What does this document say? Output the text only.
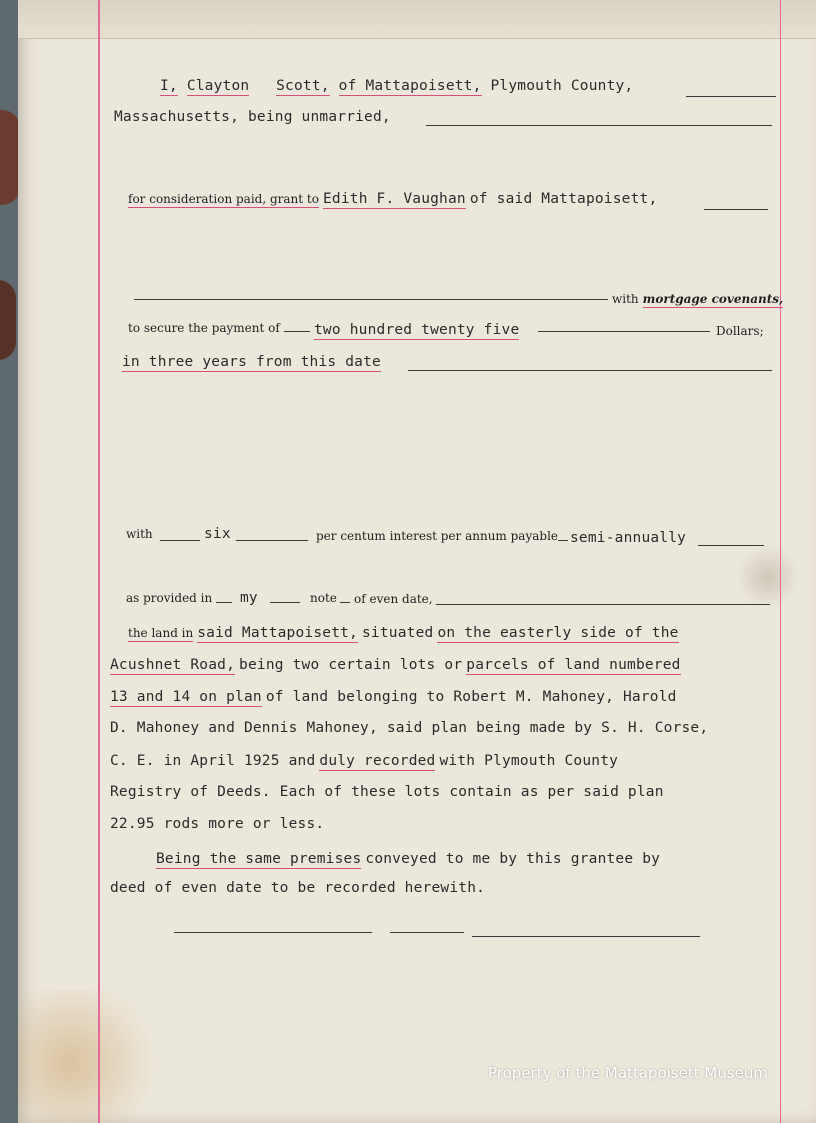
I, Clayton Scott, of Mattapoisett, Plymouth County,
Massachusetts, being unmarried,
for consideration paid, grant to Edith F. Vaughan of said Mattapoisett,
with mortgage covenants,
to secure the payment of two hundred twenty five	Dollars;
in three years from this date
with	six	per centum interest per annum payable semi-annually
as provided in my	note of even date,
the land in said Mattapoisett, situated on the easterly side of the
Acushnet Road, being two certain lots or parcels of land numbered
13 and 14 on plan of land belonging to Robert M. Mahoney, Harold
D. Mahoney and Dennis Mahoney, said plan being made by S. H. Corse,
C. E. in April 1925 and duly recorded with Plymouth County
Registry of Deeds. Each of these lots contain as per said plan
22.95 rods more or less.
Being the same premises conveyed to me by this grantee by
deed of even date to be recorded herewith.
Property of the Mattapoisett Museum
